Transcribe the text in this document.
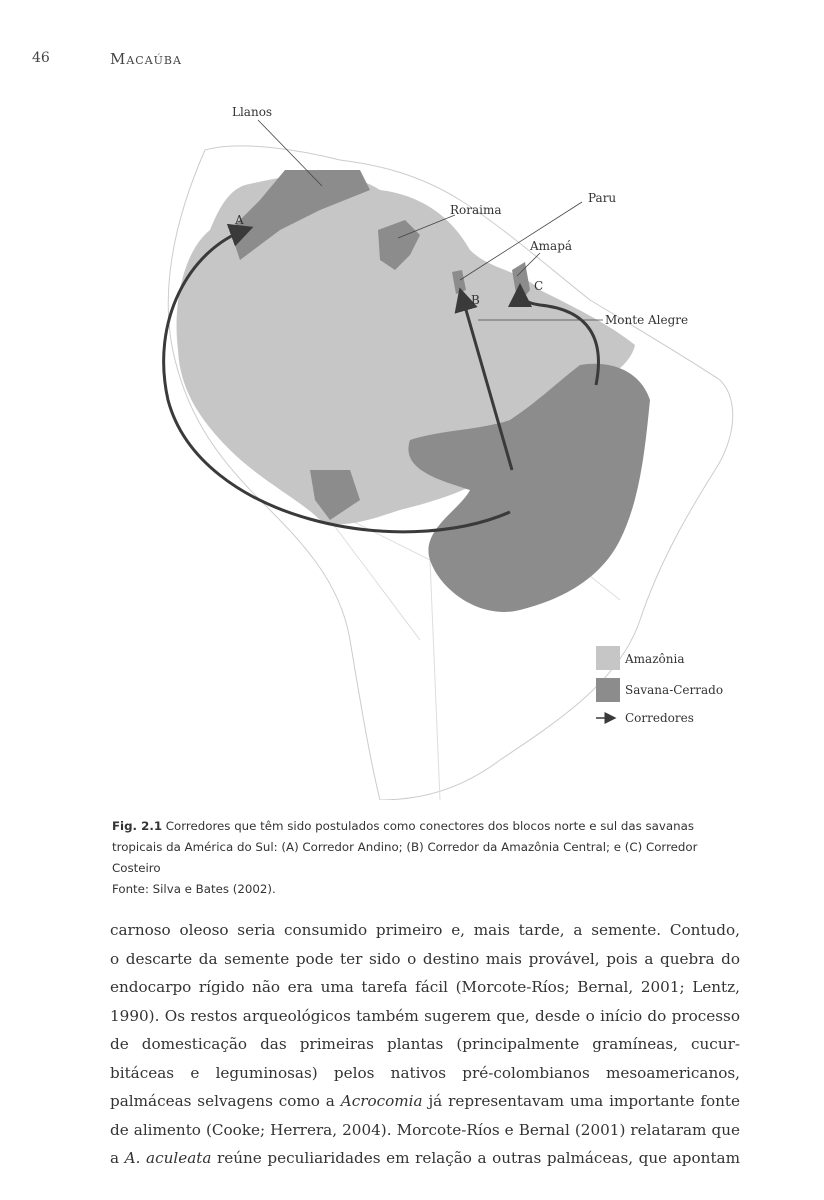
46	Macaúba
Llanos
A
Roraima
Paru
Amapá
C
B
Monte Alegre
Amazônia
Savana-Cerrado
Corredores
Fig. 2.1 Corredores que têm sido postulados como conectores dos blocos norte e sul das savanas tropicais da América do Sul: (A) Corredor Andino; (B) Corredor da Amazônia Central; e (C) Corredor Costeiro
Fonte: Silva e Bates (2002).
carnoso oleoso seria consumido primeiro e, mais tarde, a semente. Contudo,
o descarte da semente pode ter sido o destino mais provável, pois a quebra do
endocarpo rígido não era uma tarefa fácil (Morcote-Ríos; Bernal, 2001; Lentz,
1990). Os restos arqueológicos também sugerem que, desde o início do processo
de domesticação das primeiras plantas (principalmente gramíneas, cucur-
bitáceas e leguminosas) pelos nativos pré-colombianos mesoamericanos,
palmáceas selvagens como a Acrocomia já representavam uma importante fonte
de alimento (Cooke; Herrera, 2004). Morcote-Ríos e Bernal (2001) relataram que
a A. aculeata reúne peculiaridades em relação a outras palmáceas, que apontam
